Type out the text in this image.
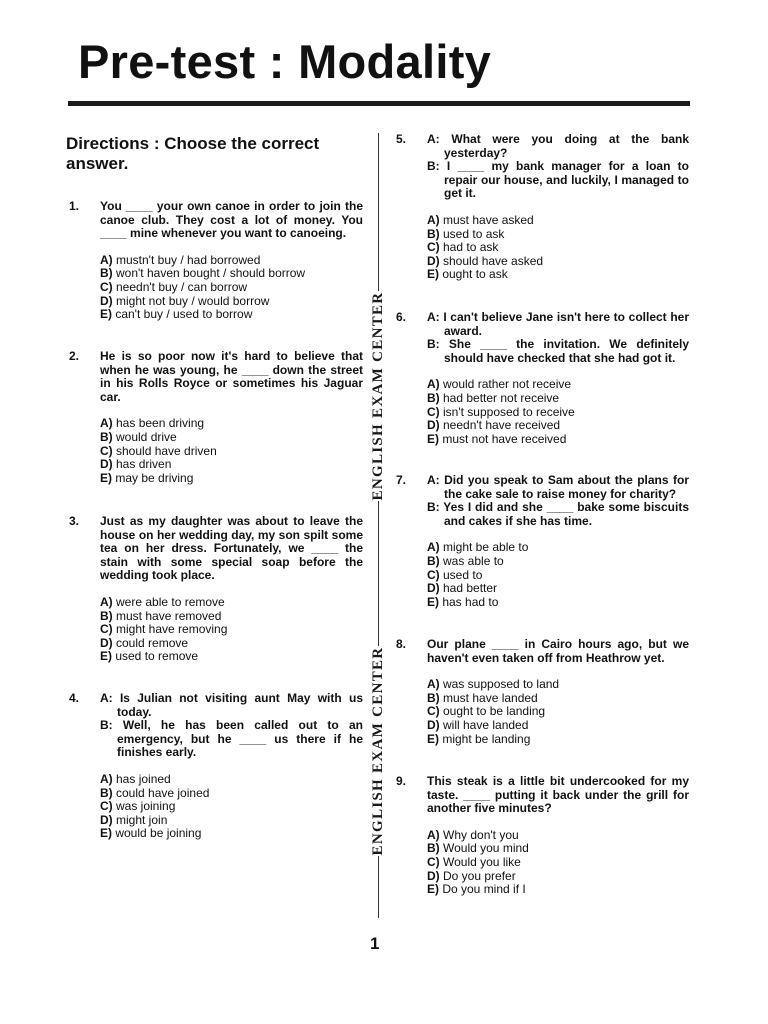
Pre-test : Modality
Directions : Choose the correct answer.
ENGLISH EXAM CENTER
ENGLISH EXAM CENTER
1. You ____ your own canoe in order to join the canoe club. They cost a lot of money. You ____ mine whenever you want to canoeing.

A) mustn't buy / had borrowed
B) won't haven bought / should borrow
C) needn't buy / can borrow
D) might not buy / would borrow
E) can't buy / used to borrow
2. He is so poor now it's hard to believe that when he was young, he ____ down the street in his Rolls Royce or sometimes his Jaguar car.

A) has been driving
B) would drive
C) should have driven
D) has driven
E) may be driving
3. Just as my daughter was about to leave the house on her wedding day, my son spilt some tea on her dress. Fortunately, we ____ the stain with some special soap before the wedding took place.

A) were able to remove
B) must have removed
C) might have removing
D) could remove
E) used to remove
4. A: Is Julian not visiting aunt May with us today.

B: Well, he has been called out to an emergency, but he ____ us there if he finishes early.

A) has joined
B) could have joined
C) was joining
D) might join
E) would be joining
5. A: What were you doing at the bank yesterday?

B: I ____ my bank manager for a loan to repair our house, and luckily, I managed to get it.

A) must have asked
B) used to ask
C) had to ask
D) should have asked
E) ought to ask
6. A: I can't believe Jane isn't here to collect her award.

B: She ____ the invitation. We definitely should have checked that she had got it.

A) would rather not receive
B) had better not receive
C) isn't supposed to receive
D) needn't have received
E) must not have received
7. A: Did you speak to Sam about the plans for the cake sale to raise money for charity?

B: Yes I did and she ____ bake some biscuits and cakes if she has time.

A) might be able to
B) was able to
C) used to
D) had better
E) has had to
8. Our plane ____ in Cairo hours ago, but we haven't even taken off from Heathrow yet.

A) was supposed to land
B) must have landed
C) ought to be landing
D) will have landed
E) might be landing
9. This steak is a little bit undercooked for my taste. ____ putting it back under the grill for another five minutes?

A) Why don't you
B) Would you mind
C) Would you like
D) Do you prefer
E) Do you mind if I
1
